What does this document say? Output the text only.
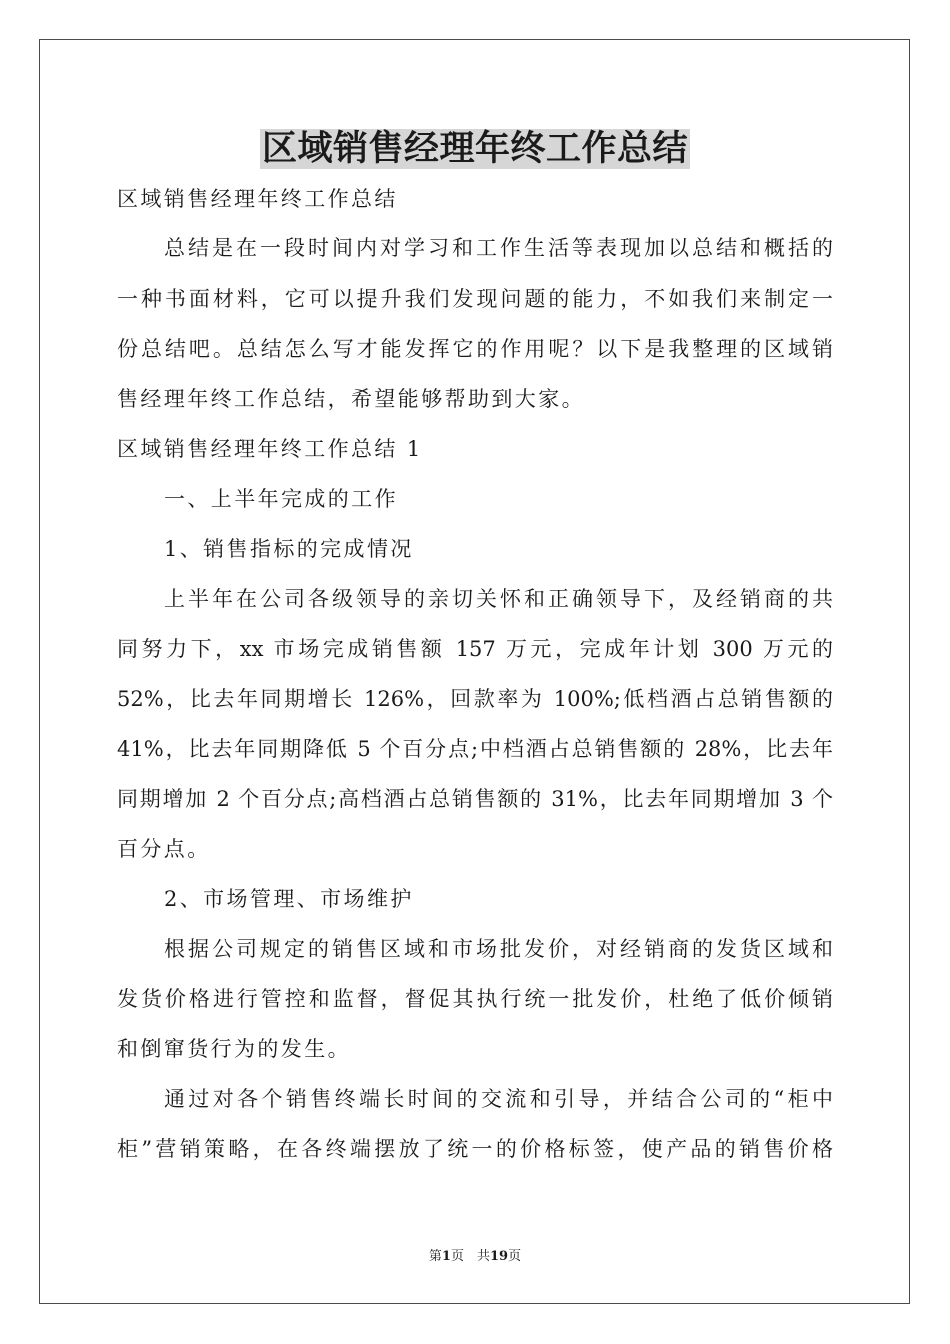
区域销售经理年终工作总结
区域销售经理年终工作总结
总结是在一段时间内对学习和工作生活等表现加以总结和概括的
一种书面材料，它可以提升我们发现问题的能力，不如我们来制定一
份总结吧。总结怎么写才能发挥它的作用呢？以下是我整理的区域销
售经理年终工作总结，希望能够帮助到大家。
区域销售经理年终工作总结 1
一、上半年完成的工作
1、销售指标的完成情况
上半年在公司各级领导的亲切关怀和正确领导下，及经销商的共
同努力下，xx 市场完成销售额 157 万元，完成年计划 300 万元的
52%，比去年同期增长 126%，回款率为 100%;低档酒占总销售额的
41%，比去年同期降低 5 个百分点;中档酒占总销售额的 28%，比去年
同期增加 2 个百分点;高档酒占总销售额的 31%，比去年同期增加 3 个
百分点。
2、市场管理、市场维护
根据公司规定的销售区域和市场批发价，对经销商的发货区域和
发货价格进行管控和监督，督促其执行统一批发价，杜绝了低价倾销
和倒窜货行为的发生。
通过对各个销售终端长时间的交流和引导，并结合公司的“柜中
柜”营销策略，在各终端摆放了统一的价格标签，使产品的销售价格
第1页　共19页
